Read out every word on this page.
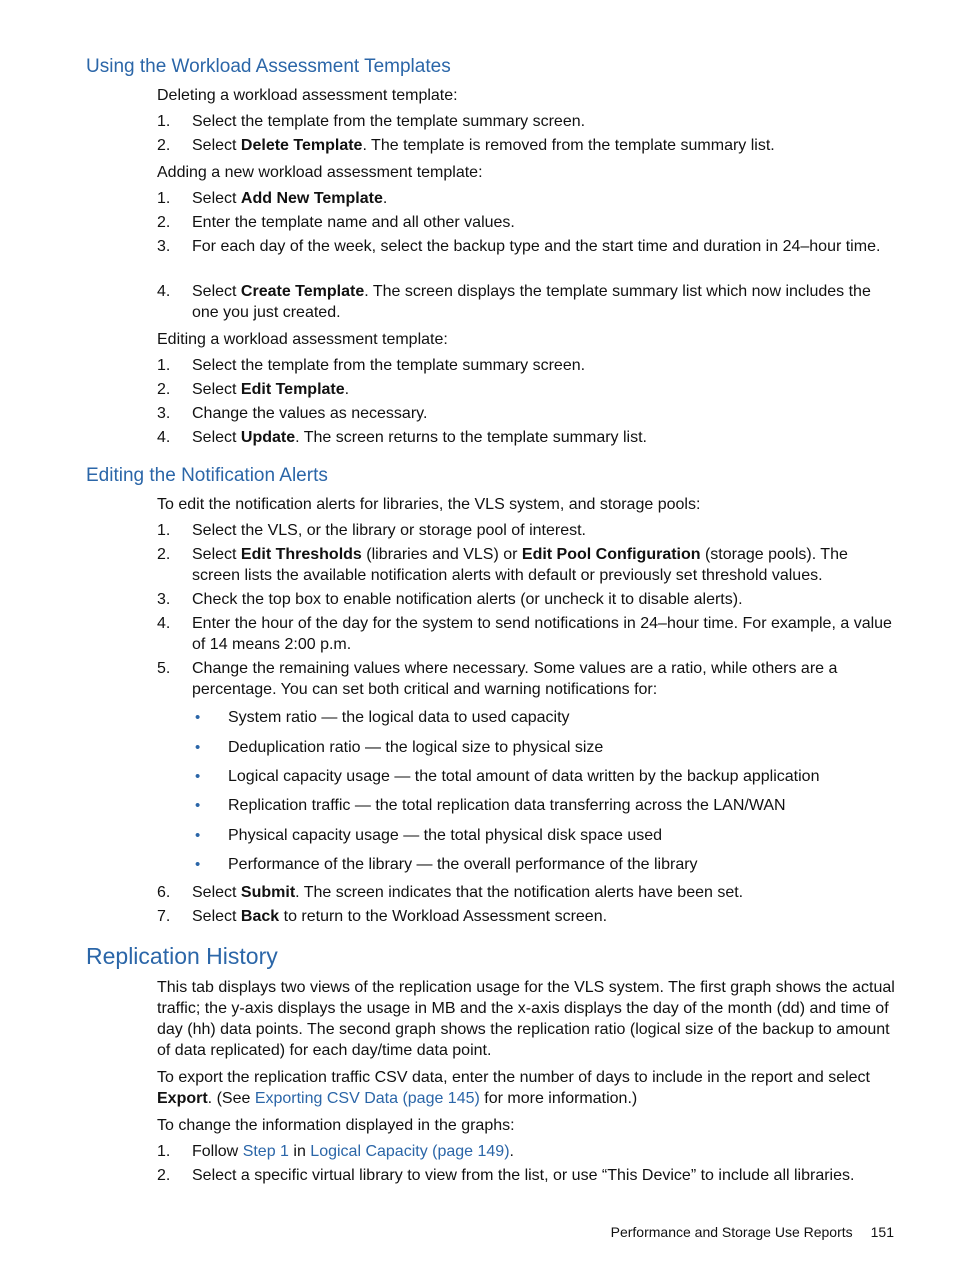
Using the Workload Assessment Templates

Deleting a workload assessment template:

1.	Select the template from the template summary screen.
2.	Select Delete Template. The template is removed from the template summary list.

Adding a new workload assessment template:

1.	Select Add New Template.
2.	Enter the template name and all other values.
3.	For each day of the week, select the backup type and the start time and duration in 24–hour time.
4.	Select Create Template. The screen displays the template summary list which now includes the one you just created.

Editing a workload assessment template:

1.	Select the template from the template summary screen.
2.	Select Edit Template.
3.	Change the values as necessary.
4.	Select Update. The screen returns to the template summary list.
Editing the Notification Alerts

To edit the notification alerts for libraries, the VLS system, and storage pools:

1.	Select the VLS, or the library or storage pool of interest.
2.	Select Edit Thresholds (libraries and VLS) or Edit Pool Configuration (storage pools). The screen lists the available notification alerts with default or previously set threshold values.
3.	Check the top box to enable notification alerts (or uncheck it to disable alerts).
4.	Enter the hour of the day for the system to send notifications in 24–hour time. For example, a value of 14 means 2:00 p.m.
5.	Change the remaining values where necessary. Some values are a ratio, while others are a percentage. You can set both critical and warning notifications for:
• System ratio — the logical data to used capacity
• Deduplication ratio — the logical size to physical size
• Logical capacity usage — the total amount of data written by the backup application
• Replication traffic — the total replication data transferring across the LAN/WAN
• Physical capacity usage — the total physical disk space used
• Performance of the library — the overall performance of the library
6.	Select Submit. The screen indicates that the notification alerts have been set.
7.	Select Back to return to the Workload Assessment screen.
Replication History

This tab displays two views of the replication usage for the VLS system. The first graph shows the actual traffic; the y-axis displays the usage in MB and the x-axis displays the day of the month (dd) and time of day (hh) data points. The second graph shows the replication ratio (logical size of the backup to amount of data replicated) for each day/time data point.

To export the replication traffic CSV data, enter the number of days to include in the report and select Export. (See Exporting CSV Data (page 145) for more information.)

To change the information displayed in the graphs:

1.	Follow Step 1 in Logical Capacity (page 149).
2.	Select a specific virtual library to view from the list, or use “This Device” to include all libraries.
Performance and Storage Use Reports 151
